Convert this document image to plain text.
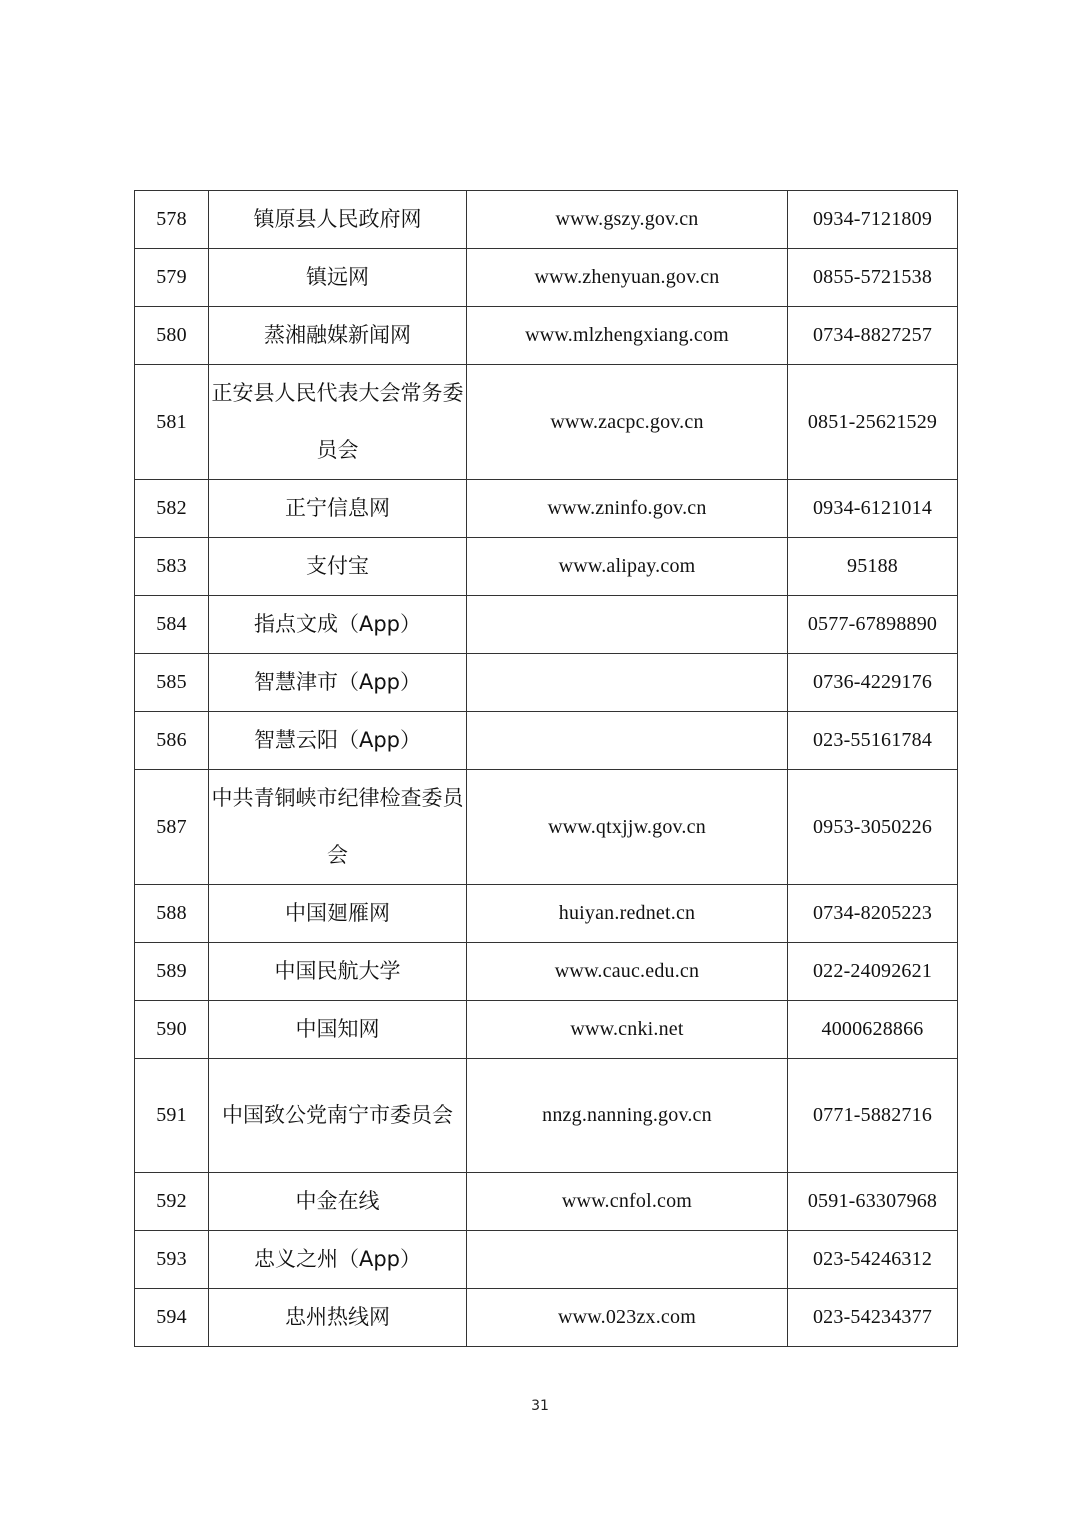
578	镇原县人民政府网	www.gszy.gov.cn	0934-7121809
579	镇远网	www.zhenyuan.gov.cn	0855-5721538
580	蒸湘融媒新闻网	www.mlzhengxiang.com	0734-8827257
581	正安县人民代表大会常务委员会	www.zacpc.gov.cn	0851-25621529
582	正宁信息网	www.zninfo.gov.cn	0934-6121014
583	支付宝	www.alipay.com	95188
584	指点文成（App）		0577-67898890
585	智慧津市（App）		0736-4229176
586	智慧云阳（App）		023-55161784
587	中共青铜峡市纪律检查委员会	www.qtxjjw.gov.cn	0953-3050226
588	中国廻雁网	huiyan.rednet.cn	0734-8205223
589	中国民航大学	www.cauc.edu.cn	022-24092621
590	中国知网	www.cnki.net	4000628866
591	中国致公党南宁市委员会	nnzg.nanning.gov.cn	0771-5882716
592	中金在线	www.cnfol.com	0591-63307968
593	忠义之州（App）		023-54246312
594	忠州热线网	www.023zx.com	023-54234377
31
